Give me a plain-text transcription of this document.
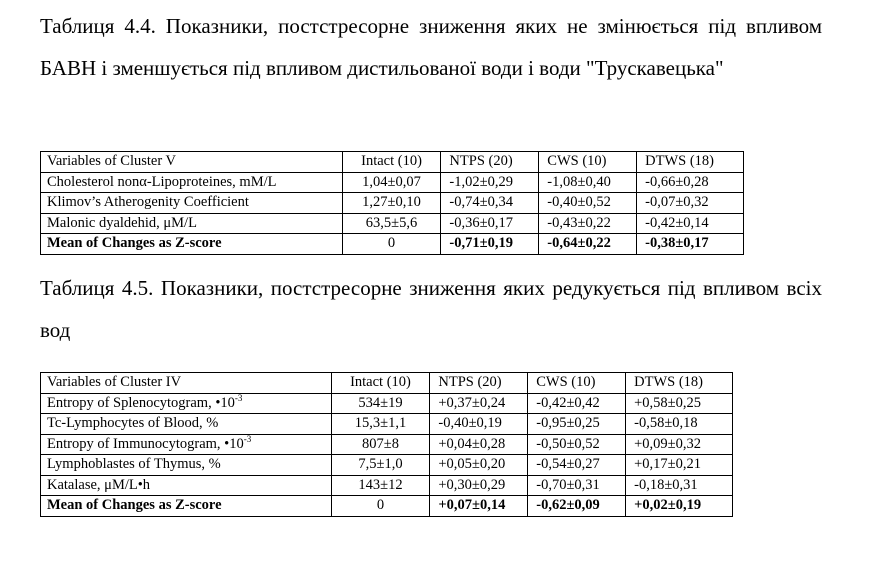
Таблиця 4.4. Показники, постстресорне зниження яких не змінюється під впливом БАВН і зменшується під впливом дистильованої води і води "Трускавецька"
Variables of Cluster V	Intact (10)	NTPS (20)	CWS (10)	DTWS (18)
Cholesterol nonα-Lipoproteines, mM/L	1,04±0,07	-1,02±0,29	-1,08±0,40	-0,66±0,28
Klimov’s Atherogenity Coefficient	1,27±0,10	-0,74±0,34	-0,40±0,52	-0,07±0,32
Malonic dyaldehid, μM/L	63,5±5,6	-0,36±0,17	-0,43±0,22	-0,42±0,14
Mean of Changes as Z-score	0	-0,71±0,19	-0,64±0,22	-0,38±0,17
Таблиця 4.5. Показники, постстресорне зниження яких редукується під впливом всіх вод
Variables of Cluster IV	Intact (10)	NTPS (20)	CWS (10)	DTWS (18)
Entropy of Splenocytogram, $•10^{-3}$	534±19	+0,37±0,24	-0,42±0,42	+0,58±0,25
Tc-Lymphocytes of Blood, %	15,3±1,1	-0,40±0,19	-0,95±0,25	-0,58±0,18
Entropy of Immunocytogram, $•10^{-3}$	807±8	+0,04±0,28	-0,50±0,52	+0,09±0,32
Lymphoblastes of Thymus, %	7,5±1,0	+0,05±0,20	-0,54±0,27	+0,17±0,21
Katalase, μM/L•h	143±12	+0,30±0,29	-0,70±0,31	-0,18±0,31
Mean of Changes as Z-score	0	+0,07±0,14	-0,62±0,09	+0,02±0,19
